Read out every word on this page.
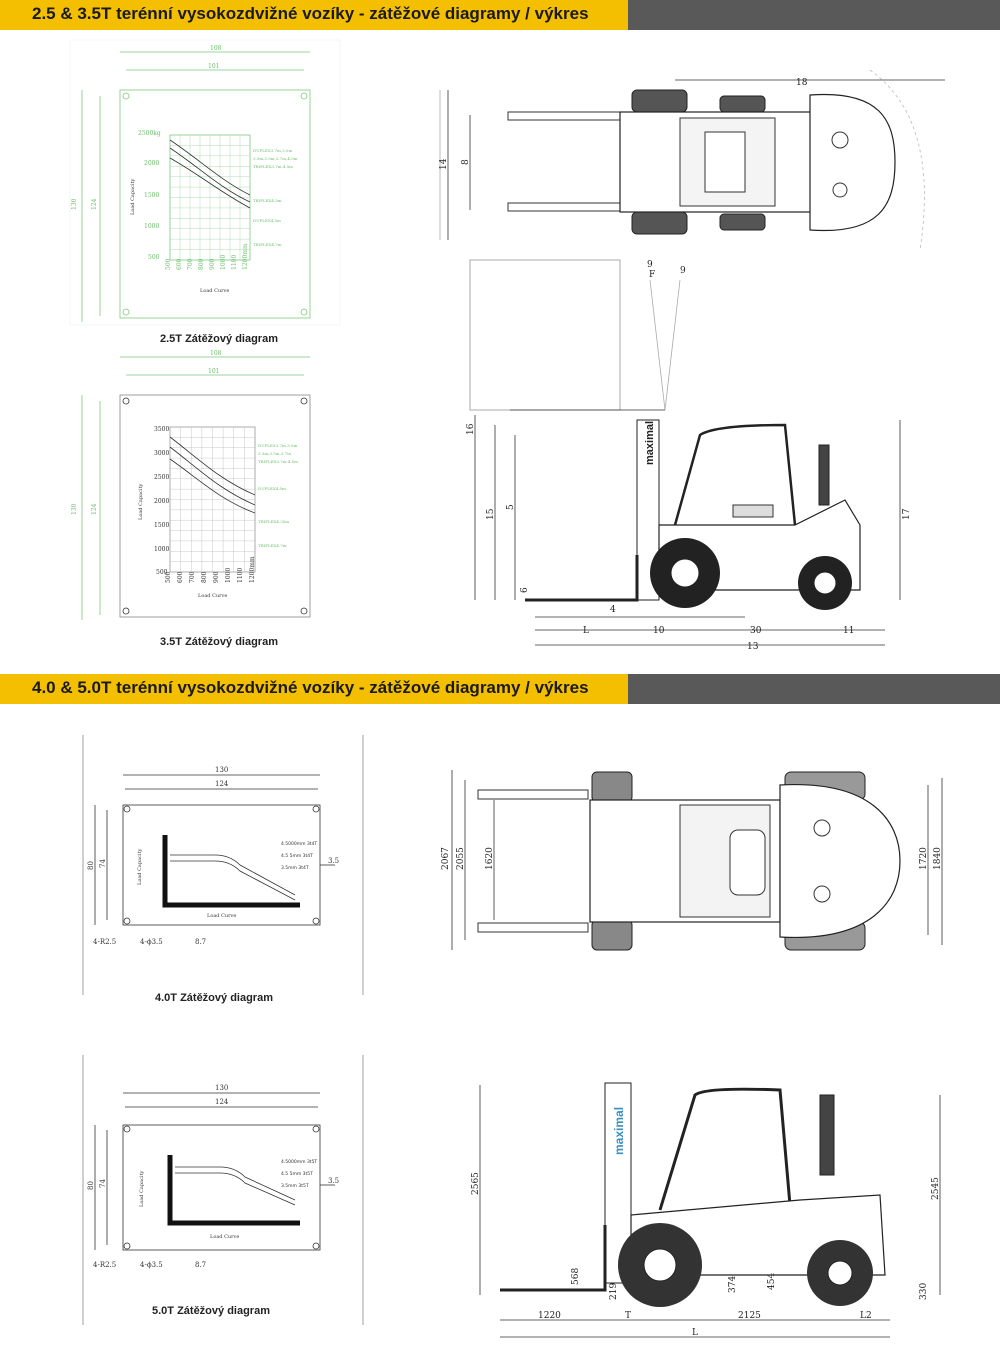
2.5 & 3.5T terénní vysokozdvižné vozíky - zátěžové diagramy / výkres
108
101
130 124	Load Capacity
Load Curve
2500kg
2000
1500
1000
500
500 600 700 800 900 1000 1100 1200mm
DUPLEX3.7m,3.0m
3.3m,3.5m,3.7m,4.0m
TRIPLEX3.7m,4.5m
TRIPLEX4.5m
DUPLEX4.5m
TRIPLEX4.7m
2.5T Zátěžový diagram
108
101
130 124	Load Capacity
Load Curve
3500
3000
2500
2000
1500
1000
500
500 600 700 800 900 1000 1100 1200mm
DUPLEX3.7m,3.0m
3.3m,3.5m,3.7m
TRIPLEX3.7m,4.5m
DUPLEX4.5m
TRIPLEX4.35m
TRIPLEX4.7m
3.5T Zátěžový diagram
18
14 8
9
9
F
16
15
5
6
17
maximal
4
L	10	30	11
13
4.0 & 5.0T terénní vysokozdvižné vozíky - zátěžové diagramy / výkres
130
124
80 74	Load Capacity
Load Curve
4.5000mm 3t4T
4.5 5mm 3t4T
3.5mm 3t4T
3.5
4-R2.5	4-ϕ3.5	8.7
4.0T Zátěžový diagram
130
124
80 74	Load Capacity
Load Curve
4.5000mm 3t5T
4.5 5mm 3t5T
3.5mm 3t5T
3.5
4-R2.5	4-ϕ3.5	8.7
5.0T Zátěžový diagram
2067 2055 1620	1720 1840
2565	2545
maximal
568
219	374	454
330
1220	T	2125	L2
L
